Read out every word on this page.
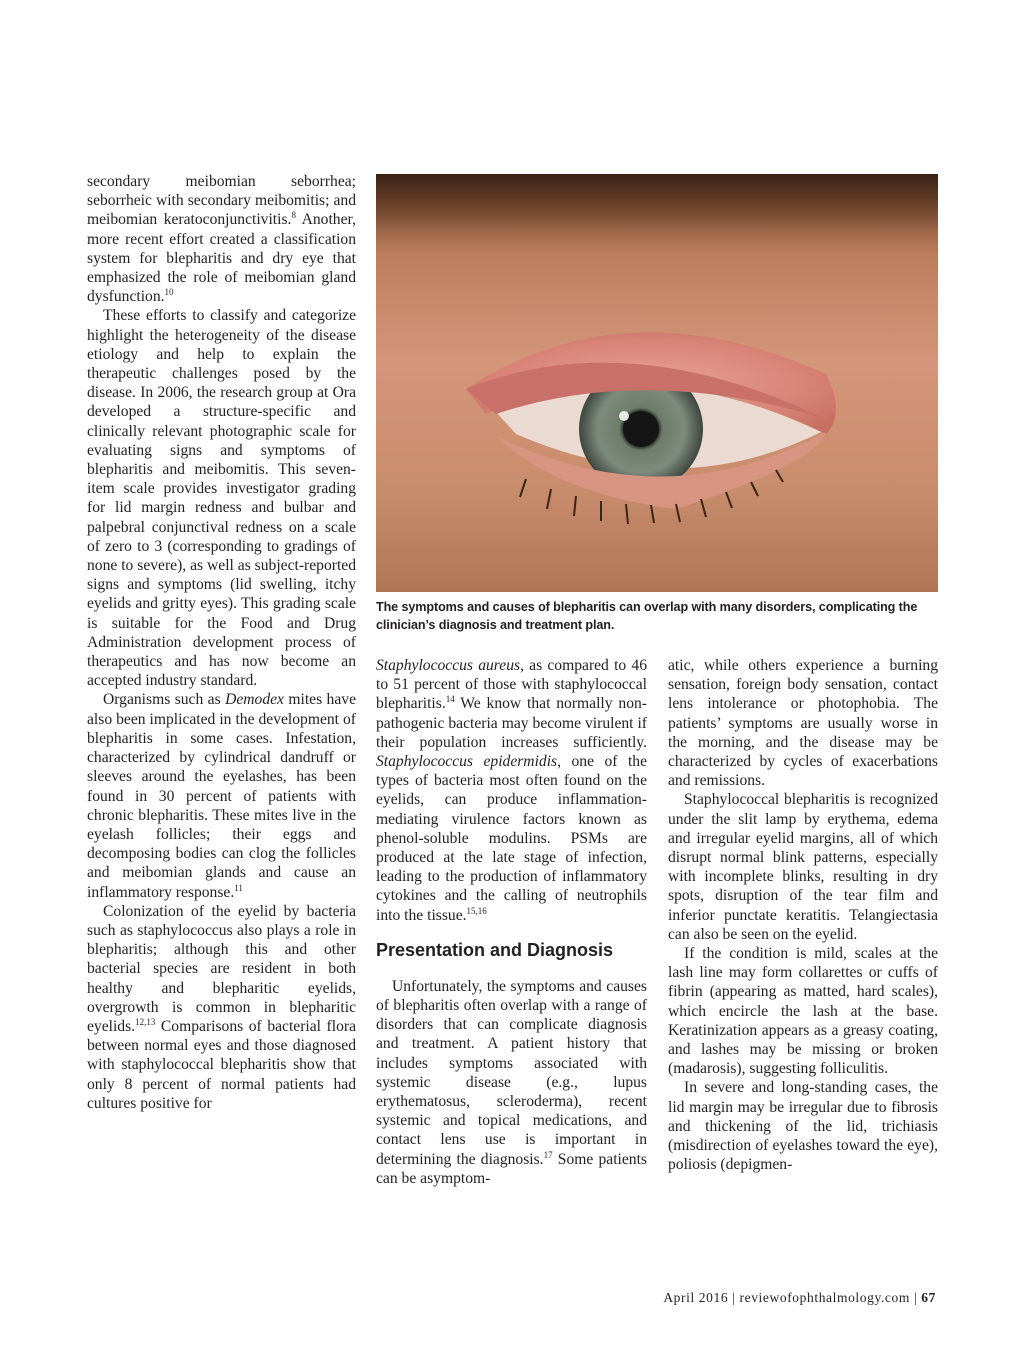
secondary meibomian seborrhea; seborrheic with secondary meibomitis; and meibomian keratoconjunctivitis.$^8$ Another, more recent effort created a classification system for blepharitis and dry eye that emphasized the role of meibomian gland dysfunction.$^{10}$

These efforts to classify and categorize highlight the heterogeneity of the disease etiology and help to explain the therapeutic challenges posed by the disease. In 2006, the research group at Ora developed a structure-specific and clinically relevant photographic scale for evaluating signs and symptoms of blepharitis and meibomitis. This seven-item scale provides investigator grading for lid margin redness and bulbar and palpebral conjunctival redness on a scale of zero to 3 (corresponding to gradings of none to severe), as well as subject-reported signs and symptoms (lid swelling, itchy eyelids and gritty eyes). This grading scale is suitable for the Food and Drug Administration development process of therapeutics and has now become an accepted industry standard.

Organisms such as Demodex mites have also been implicated in the development of blepharitis in some cases. Infestation, characterized by cylindrical dandruff or sleeves around the eyelashes, has been found in 30 percent of patients with chronic blepharitis. These mites live in the eyelash follicles; their eggs and decomposing bodies can clog the follicles and meibomian glands and cause an inflammatory response.$^{11}$

Colonization of the eyelid by bacteria such as staphylococcus also plays a role in blepharitis; although this and other bacterial species are resident in both healthy and blepharitic eyelids, overgrowth is common in blepharitic eyelids.$^{12,13}$ Comparisons of bacterial flora between normal eyes and those diagnosed with staphylococcal blepharitis show that only 8 percent of normal patients had cultures positive for

The symptoms and causes of blepharitis can overlap with many disorders, complicating the clinician’s diagnosis and treatment plan.

Staphylococcus aureus, as compared to 46 to 51 percent of those with staphylococcal blepharitis.$^{14}$ We know that normally non-pathogenic bacteria may become virulent if their population increases sufficiently. Staphylococcus epidermidis, one of the types of bacteria most often found on the eyelids, can produce inflammation-mediating virulence factors known as phenol-soluble modulins. PSMs are produced at the late stage of infection, leading to the production of inflammatory cytokines and the calling of neutrophils into the tissue.$^{15,16}$

Presentation and Diagnosis

Unfortunately, the symptoms and causes of blepharitis often overlap with a range of disorders that can complicate diagnosis and treatment. A patient history that includes symptoms associated with systemic disease (e.g., lupus erythematosus, scleroderma), recent systemic and topical medications, and contact lens use is important in determining the diagnosis.$^{17}$ Some patients can be asymptom-

atic, while others experience a burning sensation, foreign body sensation, contact lens intolerance or photophobia. The patients’ symptoms are usually worse in the morning, and the disease may be characterized by cycles of exacerbations and remissions.

Staphylococcal blepharitis is recognized under the slit lamp by erythema, edema and irregular eyelid margins, all of which disrupt normal blink patterns, especially with incomplete blinks, resulting in dry spots, disruption of the tear film and inferior punctate keratitis. Telangiectasia can also be seen on the eyelid.

If the condition is mild, scales at the lash line may form collarettes or cuffs of fibrin (appearing as matted, hard scales), which encircle the lash at the base. Keratinization appears as a greasy coating, and lashes may be missing or broken (madarosis), suggesting folliculitis.

In severe and long-standing cases, the lid margin may be irregular due to fibrosis and thickening of the lid, trichiasis (misdirection of eyelashes toward the eye), poliosis (depigmen-

April 2016 | reviewofophthalmology.com | 67
